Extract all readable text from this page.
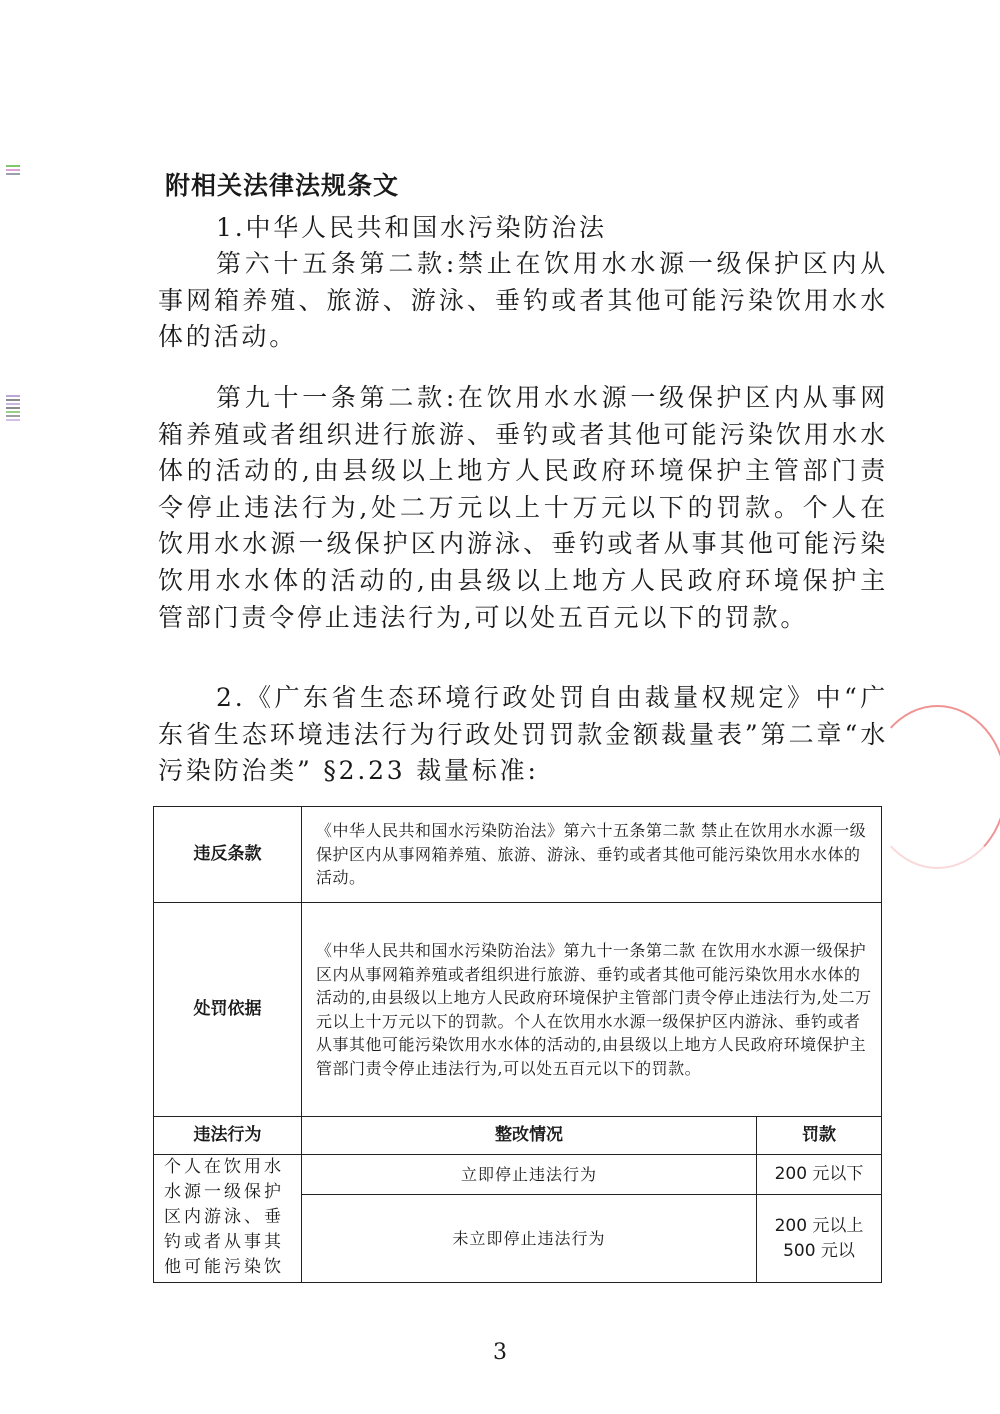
附相关法律法规条文

1.中华人民共和国水污染防治法

第六十五条第二款:禁止在饮用水水源一级保护区内从事网箱养殖、旅游、游泳、垂钓或者其他可能污染饮用水水体的活动。

第九十一条第二款:在饮用水水源一级保护区内从事网箱养殖或者组织进行旅游、垂钓或者其他可能污染饮用水水体的活动的,由县级以上地方人民政府环境保护主管部门责令停止违法行为,处二万元以上十万元以下的罚款。个人在饮用水水源一级保护区内游泳、垂钓或者从事其他可能污染饮用水水体的活动的,由县级以上地方人民政府环境保护主管部门责令停止违法行为,可以处五百元以下的罚款。

2.《广东省生态环境行政处罚自由裁量权规定》中“广东省生态环境违法行为行政处罚罚款金额裁量表”第二章“水污染防治类” §2.23 裁量标准:

违反条款	《中华人民共和国水污染防治法》第六十五条第二款 禁止在饮用水水源一级保护区内从事网箱养殖、旅游、游泳、垂钓或者其他可能污染饮用水水体的活动。	
处罚依据	《中华人民共和国水污染防治法》第九十一条第二款 在饮用水水源一级保护区内从事网箱养殖或者组织进行旅游、垂钓或者其他可能污染饮用水水体的活动的,由县级以上地方人民政府环境保护主管部门责令停止违法行为,处二万元以上十万元以下的罚款。个人在饮用水水源一级保护区内游泳、垂钓或者从事其他可能污染饮用水水体的活动的,由县级以上地方人民政府环境保护主管部门责令停止违法行为,可以处五百元以下的罚款。	
违法行为	整改情况	罚款
个人在饮用水水源一级保护区内游泳、垂钓或者从事其他可能污染饮	立即停止违法行为	200 元以下
	未立即停止违法行为	200 元以上 500 元以
3
